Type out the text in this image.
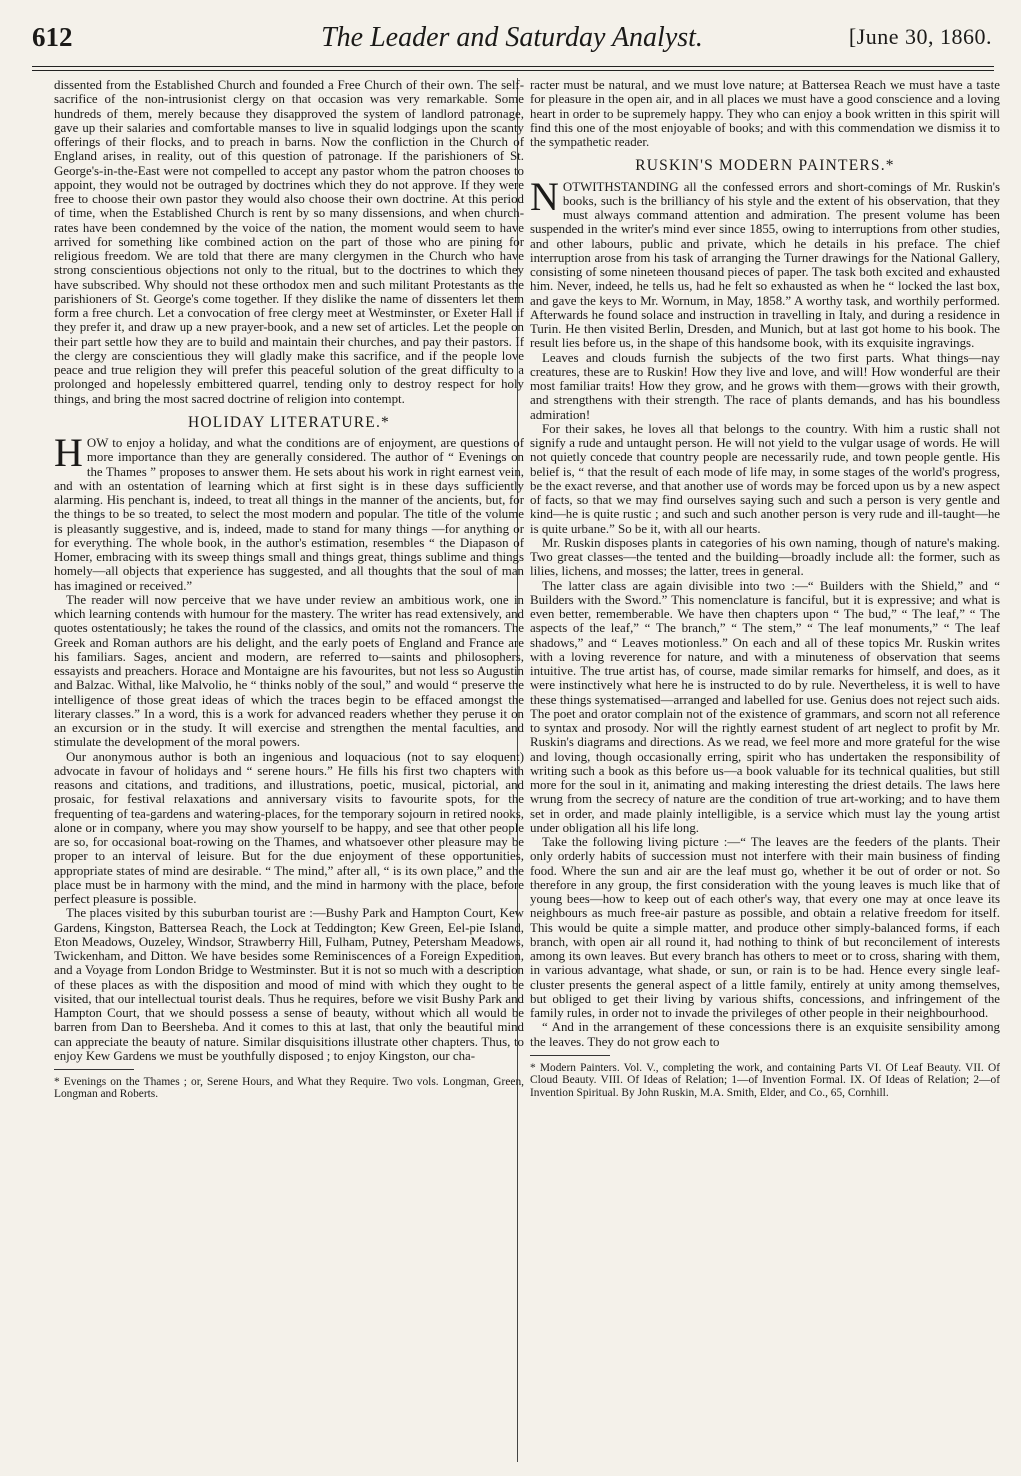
612	The Leader and Saturday Analyst.	[June 30, 1860.

dissented from the Established Church and founded a Free Church of their own. The self-sacrifice of the non-intrusionist clergy on that occasion was very remarkable. Some hundreds of them, merely because they disapproved the system of landlord patronage, gave up their salaries and comfortable manses to live in squalid lodgings upon the scanty offerings of their flocks, and to preach in barns. Now the confliction in the Church of England arises, in reality, out of this question of patronage. If the parishioners of St. George's-in-the-East were not compelled to accept any pastor whom the patron chooses to appoint, they would not be outraged by doctrines which they do not approve. If they were free to choose their own pastor they would also choose their own doctrine. At this period of time, when the Established Church is rent by so many dissensions, and when church-rates have been condemned by the voice of the nation, the moment would seem to have arrived for something like combined action on the part of those who are pining for religious freedom. We are told that there are many clergymen in the Church who have strong conscientious objections not only to the ritual, but to the doctrines to which they have subscribed. Why should not these orthodox men and such militant Protestants as the parishioners of St. George's come together. If they dislike the name of dissenters let them form a free church. Let a convocation of free clergy meet at Westminster, or Exeter Hall if they prefer it, and draw up a new prayer-book, and a new set of articles. Let the people on their part settle how they are to build and maintain their churches, and pay their pastors. If the clergy are conscientious they will gladly make this sacrifice, and if the people love peace and true religion they will prefer this peaceful solution of the great difficulty to a prolonged and hopelessly embittered quarrel, tending only to destroy respect for holy things, and bring the most sacred doctrine of religion into contempt.

HOLIDAY LITERATURE.*

HOW to enjoy a holiday, and what the conditions are of enjoyment, are questions of more importance than they are generally considered. The author of “ Evenings on the Thames ” proposes to answer them. He sets about his work in right earnest vein, and with an ostentation of learning which at first sight is in these days sufficiently alarming. His penchant is, indeed, to treat all things in the manner of the ancients, but, for the things to be so treated, to select the most modern and popular. The title of the volume is pleasantly suggestive, and is, indeed, made to stand for many things —for anything or for everything. The whole book, in the author's estimation, resembles “ the Diapason of Homer, embracing with its sweep things small and things great, things sublime and things homely—all objects that experience has suggested, and all thoughts that the soul of man has imagined or received.”

The reader will now perceive that we have under review an ambitious work, one in which learning contends with humour for the mastery. The writer has read extensively, and quotes ostentatiously; he takes the round of the classics, and omits not the romancers. The Greek and Roman authors are his delight, and the early poets of England and France are his familiars. Sages, ancient and modern, are referred to—saints and philosophers, essayists and preachers. Horace and Montaigne are his favourites, but not less so Augustin and Balzac. Withal, like Malvolio, he “ thinks nobly of the soul,” and would “ preserve the intelligence of those great ideas of which the traces begin to be effaced amongst the literary classes.” In a word, this is a work for advanced readers whether they peruse it on an excursion or in the study. It will exercise and strengthen the mental faculties, and stimulate the development of the moral powers.

Our anonymous author is both an ingenious and loquacious (not to say eloquent) advocate in favour of holidays and “ serene hours.” He fills his first two chapters with reasons and citations, and traditions, and illustrations, poetic, musical, pictorial, and prosaic, for festival relaxations and anniversary visits to favourite spots, for the frequenting of tea-gardens and watering-places, for the temporary sojourn in retired nooks, alone or in company, where you may show yourself to be happy, and see that other people are so, for occasional boat-rowing on the Thames, and whatsoever other pleasure may be proper to an interval of leisure. But for the due enjoyment of these opportunities, appropriate states of mind are desirable. “ The mind,” after all, “ is its own place,” and the place must be in harmony with the mind, and the mind in harmony with the place, before perfect pleasure is possible.

The places visited by this suburban tourist are :—Bushy Park and Hampton Court, Kew Gardens, Kingston, Battersea Reach, the Lock at Teddington; Kew Green, Eel-pie Island, Eton Meadows, Ouzeley, Windsor, Strawberry Hill, Fulham, Putney, Petersham Meadows, Twickenham, and Ditton. We have besides some Reminiscences of a Foreign Expedition, and a Voyage from London Bridge to Westminster. But it is not so much with a description of these places as with the disposition and mood of mind with which they ought to be visited, that our intellectual tourist deals. Thus he requires, before we visit Bushy Park and Hampton Court, that we should possess a sense of beauty, without which all would be barren from Dan to Beersheba. And it comes to this at last, that only the beautiful mind can appreciate the beauty of nature. Similar disquisitions illustrate other chapters. Thus, to enjoy Kew Gardens we must be youthfully disposed ; to enjoy Kingston, our cha-

* Evenings on the Thames ; or, Serene Hours, and What they Require. Two vols. Longman, Green, Longman and Roberts.

racter must be natural, and we must love nature; at Battersea Reach we must have a taste for pleasure in the open air, and in all places we must have a good conscience and a loving heart in order to be supremely happy. They who can enjoy a book written in this spirit will find this one of the most enjoyable of books; and with this commendation we dismiss it to the sympathetic reader.

RUSKIN'S MODERN PAINTERS.*

NOTWITHSTANDING all the confessed errors and short-comings of Mr. Ruskin's books, such is the brilliancy of his style and the extent of his observation, that they must always command attention and admiration. The present volume has been suspended in the writer's mind ever since 1855, owing to interruptions from other studies, and other labours, public and private, which he details in his preface. The chief interruption arose from his task of arranging the Turner drawings for the National Gallery, consisting of some nineteen thousand pieces of paper. The task both excited and exhausted him. Never, indeed, he tells us, had he felt so exhausted as when he “ locked the last box, and gave the keys to Mr. Wornum, in May, 1858.” A worthy task, and worthily performed. Afterwards he found solace and instruction in travelling in Italy, and during a residence in Turin. He then visited Berlin, Dresden, and Munich, but at last got home to his book. The result lies before us, in the shape of this handsome book, with its exquisite ingravings.

Leaves and clouds furnish the subjects of the two first parts. What things—nay creatures, these are to Ruskin! How they live and love, and will! How wonderful are their most familiar traits! How they grow, and he grows with them—grows with their growth, and strengthens with their strength. The race of plants demands, and has his boundless admiration!

For their sakes, he loves all that belongs to the country. With him a rustic shall not signify a rude and untaught person. He will not yield to the vulgar usage of words. He will not quietly concede that country people are necessarily rude, and town people gentle. His belief is, “ that the result of each mode of life may, in some stages of the world's progress, be the exact reverse, and that another use of words may be forced upon us by a new aspect of facts, so that we may find ourselves saying such and such a person is very gentle and kind—he is quite rustic ; and such and such another person is very rude and ill-taught—he is quite urbane.” So be it, with all our hearts.

Mr. Ruskin disposes plants in categories of his own naming, though of nature's making. Two great classes—the tented and the building—broadly include all: the former, such as lilies, lichens, and mosses; the latter, trees in general.

The latter class are again divisible into two :—“ Builders with the Shield,” and “ Builders with the Sword.” This nomenclature is fanciful, but it is expressive; and what is even better, rememberable. We have then chapters upon “ The bud,” “ The leaf,” “ The aspects of the leaf,” “ The branch,” “ The stem,” “ The leaf monuments,” “ The leaf shadows,” and “ Leaves motionless.” On each and all of these topics Mr. Ruskin writes with a loving reverence for nature, and with a minuteness of observation that seems intuitive. The true artist has, of course, made similar remarks for himself, and does, as it were instinctively what here he is instructed to do by rule. Nevertheless, it is well to have these things systematised—arranged and labelled for use. Genius does not reject such aids. The poet and orator complain not of the existence of grammars, and scorn not all reference to syntax and prosody. Nor will the rightly earnest student of art neglect to profit by Mr. Ruskin's diagrams and directions. As we read, we feel more and more grateful for the wise and loving, though occasionally erring, spirit who has undertaken the responsibility of writing such a book as this before us—a book valuable for its technical qualities, but still more for the soul in it, animating and making interesting the driest details. The laws here wrung from the secrecy of nature are the condition of true art-working; and to have them set in order, and made plainly intelligible, is a service which must lay the young artist under obligation all his life long.

Take the following living picture :—“ The leaves are the feeders of the plants. Their only orderly habits of succession must not interfere with their main business of finding food. Where the sun and air are the leaf must go, whether it be out of order or not. So therefore in any group, the first consideration with the young leaves is much like that of young bees—how to keep out of each other's way, that every one may at once leave its neighbours as much free-air pasture as possible, and obtain a relative freedom for itself. This would be quite a simple matter, and produce other simply-balanced forms, if each branch, with open air all round it, had nothing to think of but reconcilement of interests among its own leaves. But every branch has others to meet or to cross, sharing with them, in various advantage, what shade, or sun, or rain is to be had. Hence every single leaf-cluster presents the general aspect of a little family, entirely at unity among themselves, but obliged to get their living by various shifts, concessions, and infringement of the family rules, in order not to invade the privileges of other people in their neighbourhood.

“ And in the arrangement of these concessions there is an exquisite sensibility among the leaves. They do not grow each to

* Modern Painters. Vol. V., completing the work, and containing Parts VI. Of Leaf Beauty. VII. Of Cloud Beauty. VIII. Of Ideas of Relation; 1—of Invention Formal. IX. Of Ideas of Relation; 2—of Invention Spiritual. By John Ruskin, M.A. Smith, Elder, and Co., 65, Cornhill.
